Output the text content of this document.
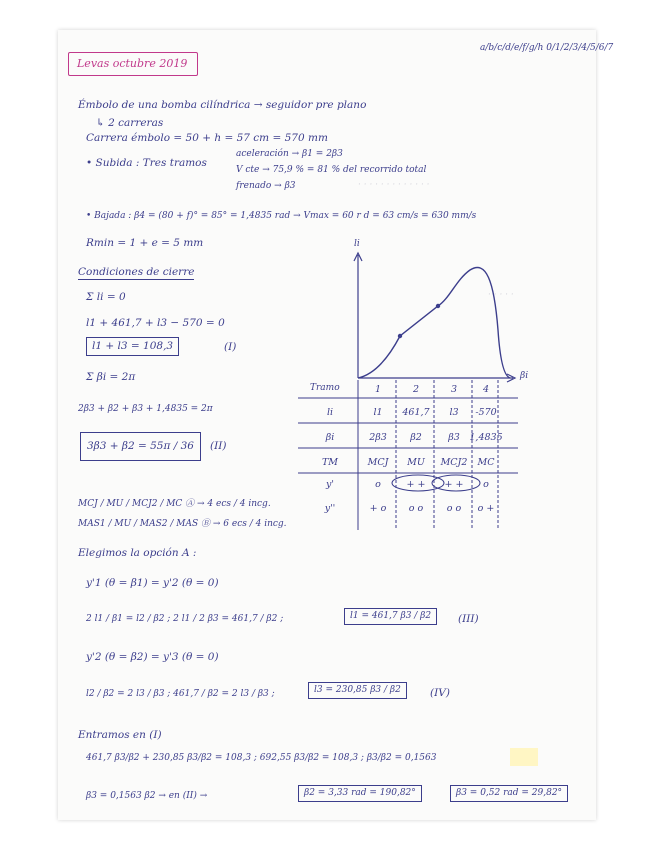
· · · · · · · · · · · · ·
· · · · ·
Levas octubre 2019
a/b/c/d/e/f/g/h 0/1/2/3/4/5/6/7
Émbolo de una bomba cilíndrica → seguidor pre plano
↳ 2 carreras
Carrera émbolo = 50 + h = 57 cm = 570 mm
• Subida : Tres tramos
aceleración → β1 = 2β3
V cte → 75,9 % = 81 % del recorrido total
frenado → β3
• Bajada : β4 = (80 + f)° = 85° = 1,4835 rad → Vmax = 60 r d = 63 cm/s = 630 mm/s
Rmin = 1 + e = 5 mm
Condiciones de cierre
Σ li = 0
l1 + 461,7 + l3 − 570 = 0
l1 + l3 = 108,3	(I)
Σ βi = 2π
2β3 + β2 + β3 + 1,4835 = 2π
3β3 + β2 = 55π / 36	(II)
li
βi
Tramo	1	2	3	4
li	l1	461,7	l3	-570
βi	2β3	β2	β3	1,4835
TM	MCJ	MU	MCJ2	MC
y'	o	+ +	+ +	o
y''	+ o	o o	o o	o +
MCJ / MU / MCJ2 / MC Ⓐ → 4 ecs / 4 incg.
MAS1 / MU / MAS2 / MAS Ⓑ → 6 ecs / 4 incg.
Elegimos la opción A :
y'1 (θ = β1) = y'2 (θ = 0)
2 l1 / β1 = l2 / β2 ; 2 l1 / 2 β3 = 461,7 / β2 ;	l1 = 461,7 β3 / β2	(III)
y'2 (θ = β2) = y'3 (θ = 0)
l2 / β2 = 2 l3 / β3 ; 461,7 / β2 = 2 l3 / β3 ;	l3 = 230,85 β3 / β2	(IV)
Entramos en (I)
461,7 β3/β2 + 230,85 β3/β2 = 108,3 ; 692,55 β3/β2 = 108,3 ; β3/β2 = 0,1563
β3 = 0,1563 β2 → en (II) →	β2 = 3,33 rad = 190,82°	β3 = 0,52 rad = 29,82°
